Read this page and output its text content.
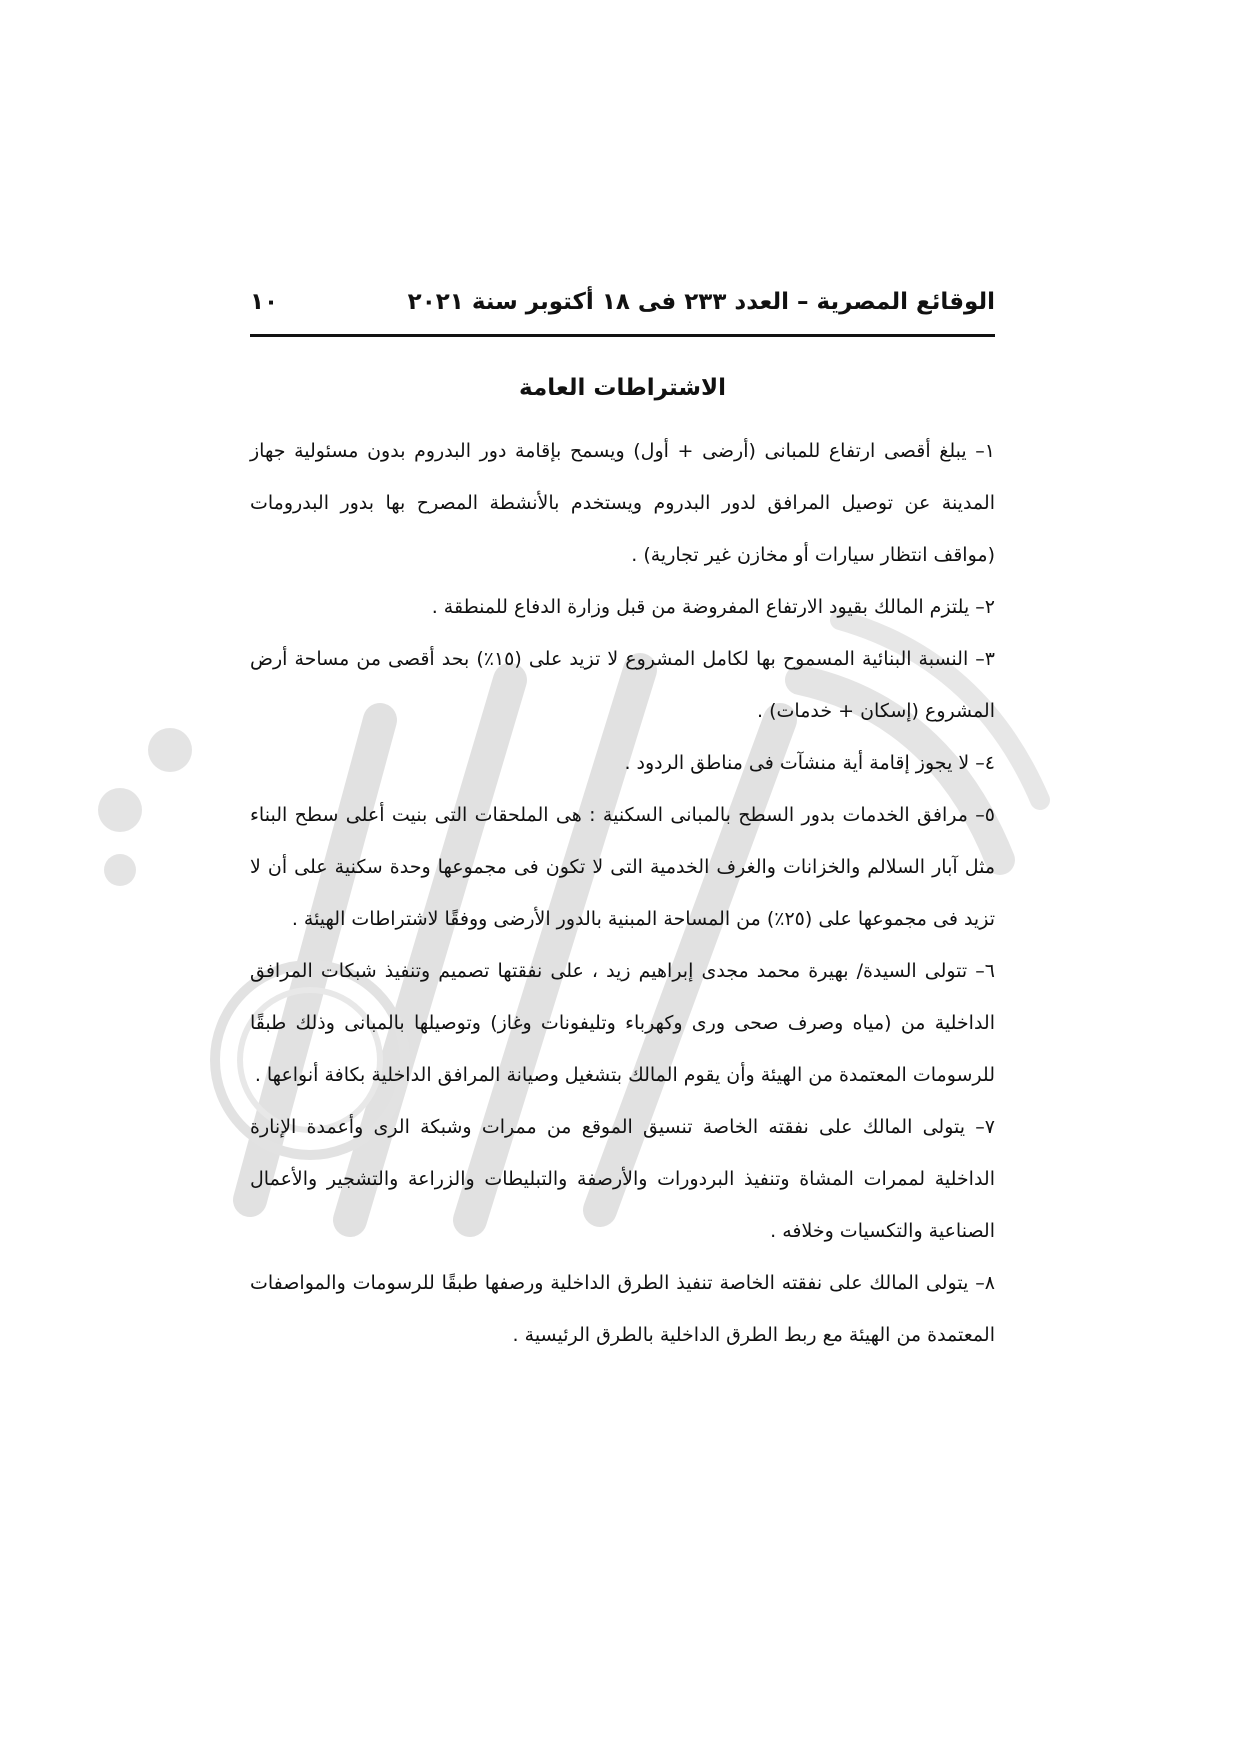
الوقائع المصرية – العدد ٢٣٣ فى ١٨ أكتوبر سنة ٢٠٢١
١٠
الاشتراطات العامة

١– يبلغ أقصى ارتفاع للمبانى (أرضى + أول) ويسمح بإقامة دور البدروم بدون مسئولية جهاز المدينة عن توصيل المرافق لدور البدروم ويستخدم بالأنشطة المصرح بها بدور البدرومات (مواقف انتظار سيارات أو مخازن غير تجارية) .

٢– يلتزم المالك بقيود الارتفاع المفروضة من قبل وزارة الدفاع للمنطقة .

٣– النسبة البنائية المسموح بها لكامل المشروع لا تزيد على (١٥٪) بحد أقصى من مساحة أرض المشروع (إسكان + خدمات) .

٤– لا يجوز إقامة أية منشآت فى مناطق الردود .

٥– مرافق الخدمات بدور السطح بالمبانى السكنية : هى الملحقات التى بنيت أعلى سطح البناء مثل آبار السلالم والخزانات والغرف الخدمية التى لا تكون فى مجموعها وحدة سكنية على أن لا تزيد فى مجموعها على (٢٥٪) من المساحة المبنية بالدور الأرضى ووفقًا لاشتراطات الهيئة .

٦– تتولى السيدة/ بهيرة محمد مجدى إبراهيم زيد ، على نفقتها تصميم وتنفيذ شبكات المرافق الداخلية من (مياه وصرف صحى ورى وكهرباء وتليفونات وغاز) وتوصيلها بالمبانى وذلك طبقًا للرسومات المعتمدة من الهيئة وأن يقوم المالك بتشغيل وصيانة المرافق الداخلية بكافة أنواعها .

٧– يتولى المالك على نفقته الخاصة تنسيق الموقع من ممرات وشبكة الرى وأعمدة الإنارة الداخلية لممرات المشاة وتنفيذ البردورات والأرصفة والتبليطات والزراعة والتشجير والأعمال الصناعية والتكسيات وخلافه .

٨– يتولى المالك على نفقته الخاصة تنفيذ الطرق الداخلية ورصفها طبقًا للرسومات والمواصفات المعتمدة من الهيئة مع ربط الطرق الداخلية بالطرق الرئيسية .
